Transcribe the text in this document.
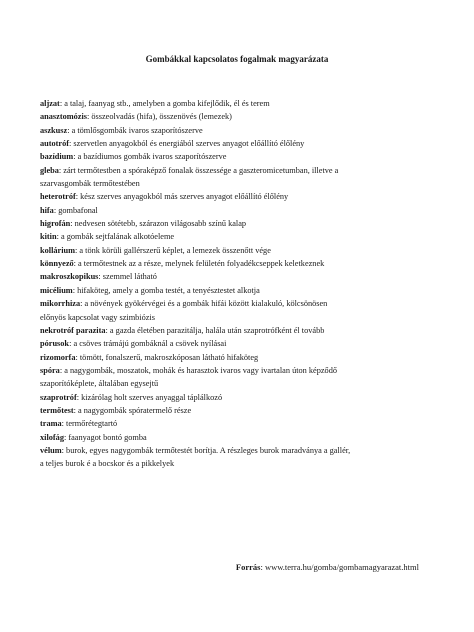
Gombákkal kapcsolatos fogalmak magyarázata
aljzat: a talaj, faanyag stb., amelyben a gomba kifejlődik, él és terem
anasztomózis: összeolvadás (hifa), összenövés (lemezek)
aszkusz: a tömlősgombák ivaros szaporítószerve
autotróf: szervetlen anyagokból és energiából szerves anyagot előállító élőlény
bazídium: a bazídiumos gombák ivaros szaporítószerve
gleba: zárt termőtestben a spóraképző fonalak összessége a gaszteromicetumban, illetve a
szarvasgombák termőtestében
heterotróf: kész szerves anyagokból más szerves anyagot előállító élőlény
hifa: gombafonal
higrofán: nedvesen sötétebb, szárazon világosabb színű kalap
kitin: a gombák sejtfalának alkotóeleme
kollárium: a tönk körüli gallérszerű képlet, a lemezek összenőtt vége
könnyező: a termőtestnek az a része, melynek felületén folyadékcseppek keletkeznek
makroszkopikus: szemmel látható
micélium: hifaköteg, amely a gomba testét, a tenyésztestet alkotja
mikorrhiza: a növények gyökérvégei és a gombák hifái között kialakuló, kölcsönösen
előnyös kapcsolat vagy szimbiózis
nekrotróf parazita: a gazda életében parazitálja, halála után szaprotrófként él tovább
pórusok: a csöves trámájú gombáknál a csövek nyílásai
rizomorfa: tömött, fonalszerű, makroszkóposan látható hifaköteg
spóra: a nagygombák, moszatok, mohák és harasztok ivaros vagy ivartalan úton képződő
szaporítóképlete, általában egysejtű
szaprotróf: kizárólag holt szerves anyaggal táplálkozó
termőtest: a nagygombák spóratermelő része
trama: termőrétegtartó
xilofág: faanyagot bontó gomba
vélum: burok, egyes nagygombák termőtestét borítja. A részleges burok maradványa a gallér,
a teljes burok é a bocskor és a pikkelyek
Forrás: www.terra.hu/gomba/gombamagyarazat.html
